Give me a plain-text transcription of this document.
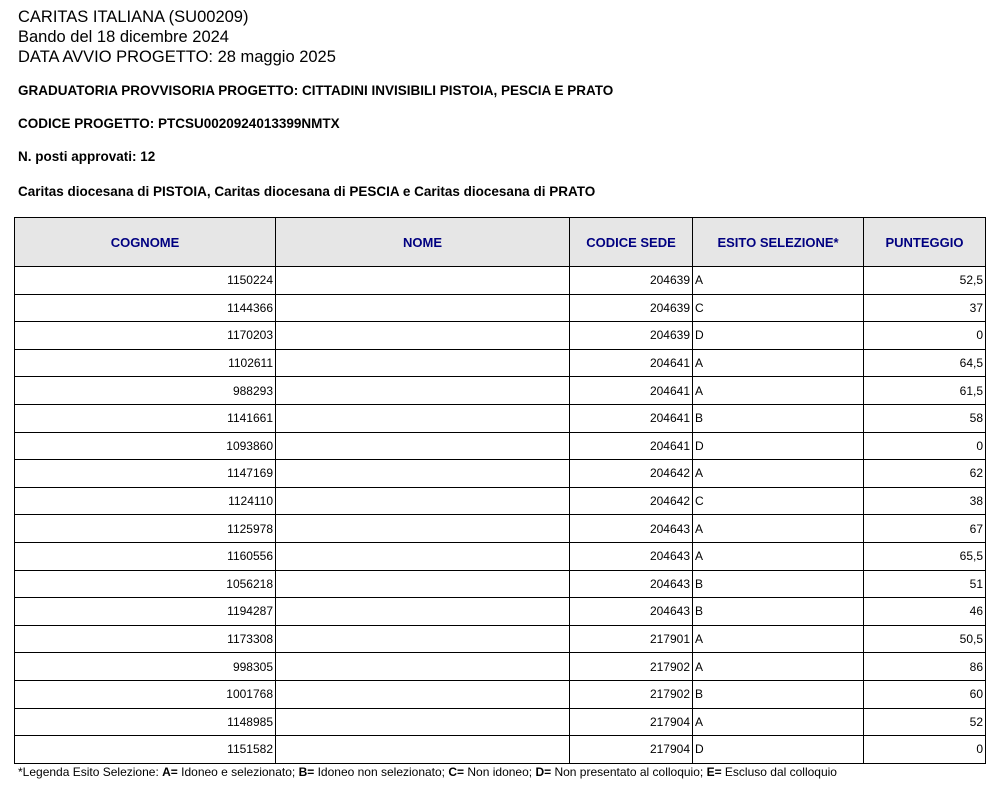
CARITAS ITALIANA (SU00209)
Bando del 18 dicembre 2024
DATA AVVIO PROGETTO: 28 maggio 2025
GRADUATORIA PROVVISORIA PROGETTO: CITTADINI INVISIBILI PISTOIA, PESCIA E PRATO
CODICE PROGETTO: PTCSU0020924013399NMTX
N. posti approvati: 12
Caritas diocesana di PISTOIA, Caritas diocesana di PESCIA e Caritas diocesana di PRATO
COGNOME	NOME	CODICE SEDE	ESITO SELEZIONE*	PUNTEGGIO
1150224		204639	A	52,5
1144366		204639	C	37
1170203		204639	D	0
1102611		204641	A	64,5
988293		204641	A	61,5
1141661		204641	B	58
1093860		204641	D	0
1147169		204642	A	62
1124110		204642	C	38
1125978		204643	A	67
1160556		204643	A	65,5
1056218		204643	B	51
1194287		204643	B	46
1173308		217901	A	50,5
998305		217902	A	86
1001768		217902	B	60
1148985		217904	A	52
1151582		217904	D	0
*Legenda Esito Selezione: A= Idoneo e selezionato; B= Idoneo non selezionato; C= Non idoneo; D= Non presentato al colloquio; E= Escluso dal colloquio
